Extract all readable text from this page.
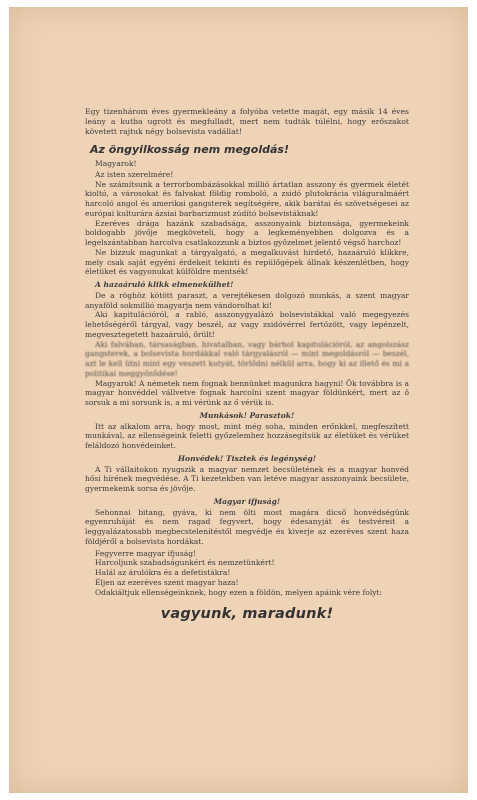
Egy tizenhárom éves gyermekleány a folyóba vetette magát, egy másik 14 éves leány a kutba ugrott és megfulladt, mert nem tudták túlélni, hogy erőszakot követett rajtuk négy bolsevista vadállat!

Az öngyilkosság nem megoldás!
Magyarok!
Az isten szerelmére!

Ne számítsunk a terrorbombázásokkal millió ártatlan asszony és gyermek életét kioltó, a városokat és falvakat földig romboló, a zsidó plutokrácia világuralmáért harcoló angol és amerikai gangsterek segítségére, akik barátai és szövetségesei az európai kulturára ázsiai barbarizmust zúdító bolsevistáknak!

Ezeréves drága hazánk szabadsága, asszonyaink biztonsága, gyermekeink boldogabb jövője megkövetelí, hogy a legkeményebben dolgozva és a legelszántabban harcolva csatlakozzunk a biztos győzelmet jelentő végső harchoz!

Ne bizzuk magunkat a tárgyalgató, a megalkuvást hirdető, hazaáruló klikkre, mely csak saját egyéni érdekeit tekinti és repülőgépek állnak készenlétben, hogy életüket és vagyonukat külföldre mentsék!

A hazaáruló klikk elmenekülhet!

De a röghöz kötött paraszt, a verejtékesen dolgozó munkás, a szent magyar anyaföld sokmillió magyarja nem vándorolhat ki!

Aki kapitulációról, a rabló, asszonygyalázó bolsevistákkal való megegyezés lehetőségéről tárgyal, vagy beszél, az vagy zsidóvérrel fertőzött, vagy lepénzelt, megvesztegetett hazaáruló, őrült!

Aki falvában, társaságban, hivatalban, vagy bárhol kapitulációról, az angolszász gangsterek, a bolsevista hordákkal való tárgyalásról — mint megoldásról — beszél, azt le kell ütni mint egy veszett kutyát, törlődni nélkül arra, hogy ki az illető és mi a politikai meggyőződése!

Magyarok! A németek nem fognak bennünket magunkra hagyni! Ők továbbra is a magyar honvéddel vállvetve fognak harcolni szent magyar földünkért, mert az ő sorsuk a mi sorsunk is, a mi vérünk az ő vérük is.

Munkások! Parasztok!

Itt az alkalom arra, hogy most, mint még soha, minden erőnkkel, megfeszített munkával, az ellenségeink feletti győzelemhez hozzásegítsük az életüket és vérüket feláldozó honvédeinket.

Honvédek! Tisztek és legénység!

A Ti vállaitokon nyugszik a magyar nemzet becsületének és a magyar honvéd hősi hírének megvédése. A Ti kezetekben van letéve magyar asszonyaink becsülete, gyermekeink sorsa és jövője.

Magyar ifjuság!

Sehonnai bitang, gyáva, ki nem ölti most magára dicső honvédségünk egyenruháját és nem ragad fegyvert, hogy édesanyját és testvéreit a leggyalázatosabb megbecstelenítéstől megvédje és kiverje az ezeréves szent haza földjéről a bolsevista hordákat.

Fegyverre magyar ifjuság!
Harcoljunk szabadságunkért és nemzetünkért!
Halál az árulókra és a defetistákra!
Éljen az ezeréves szent magyar haza!

Odakiáltjuk ellenségeinknek, hogy ezen a földön, melyen apáink vére folyt:

vagyunk, maradunk!
